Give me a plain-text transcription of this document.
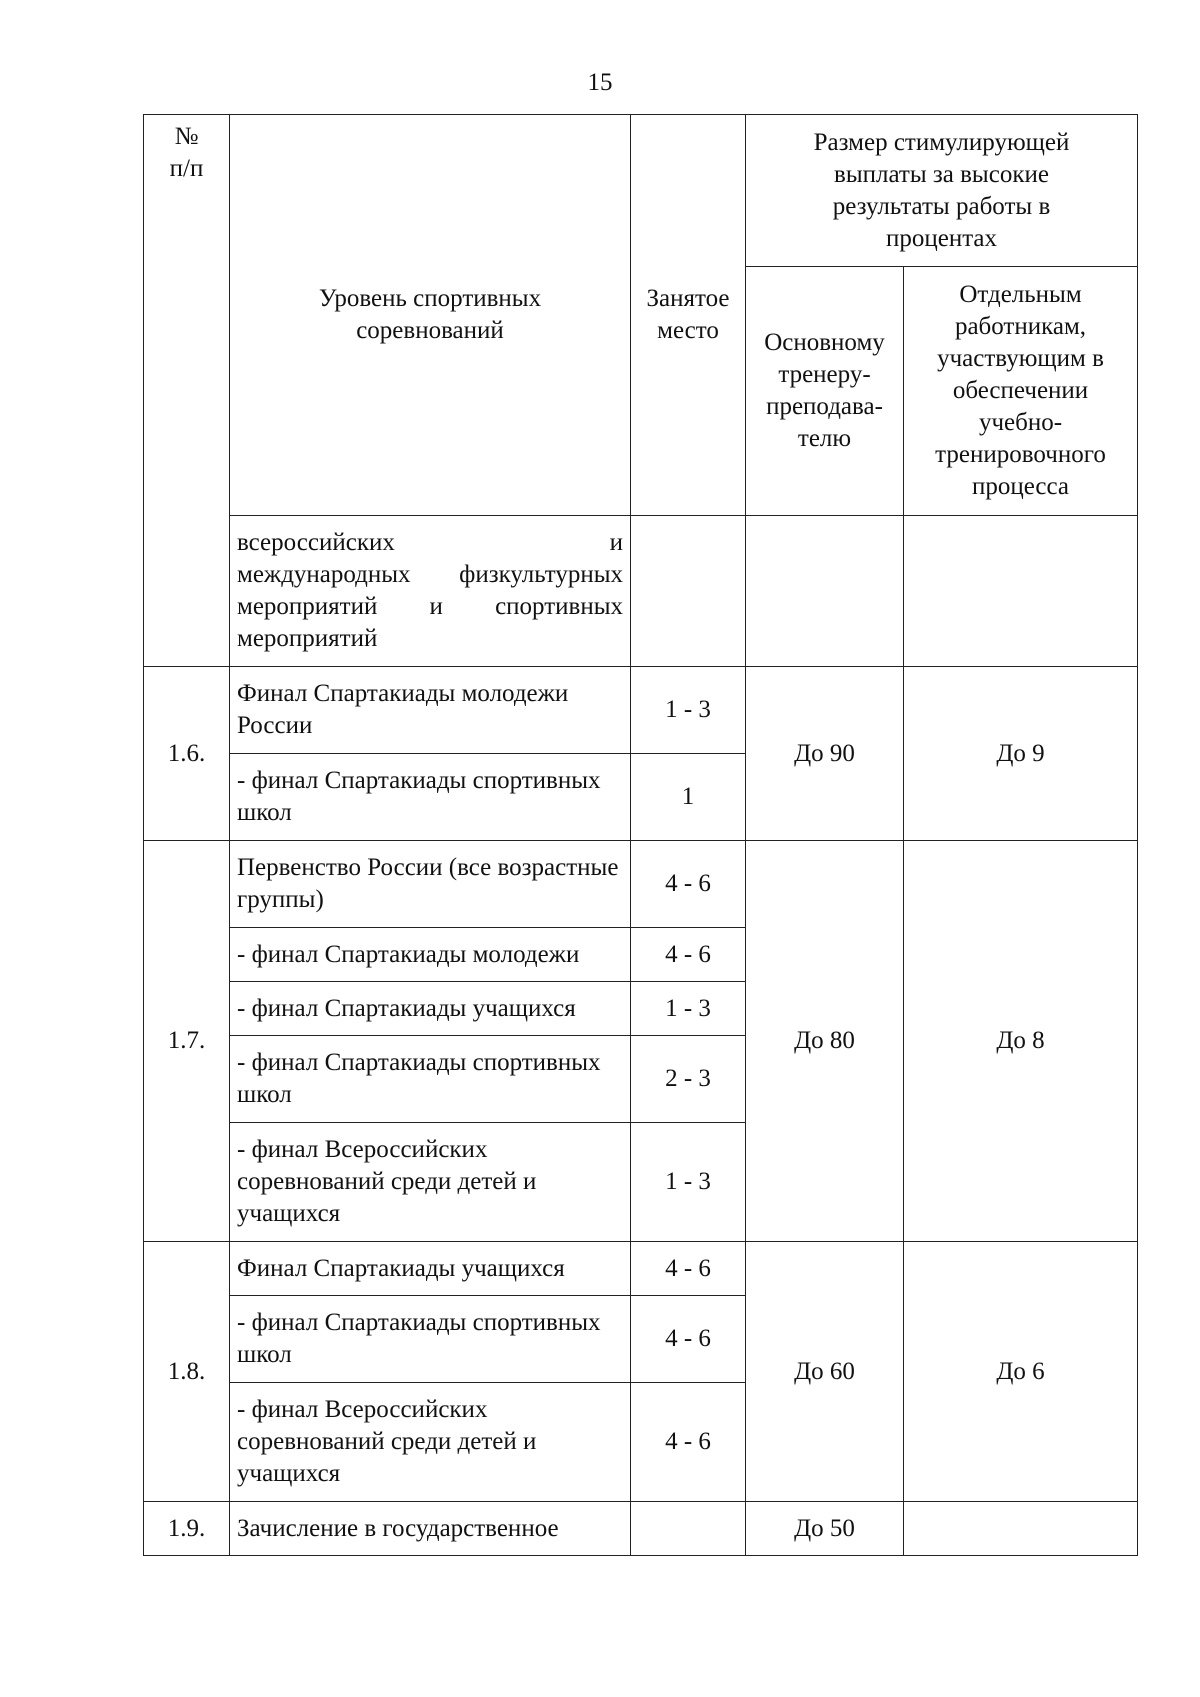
15
№
п/п	Уровень спортивных соревнований	Занятое место	Размер стимулирующей выплаты за высокие результаты работы в процентах	

			Основному тренеру-преподава-телю	Отдельным работникам, участвующим в обеспечении учебно-тренировочного процесса

	всероссийских и
международных физкультурных мероприятий и спортивных мероприятий			

1.6.	Финал Спартакиады молодежи России	1 - 3	До 90	До 9
	- финал Спартакиады спортивных школ	1		
1.7.	Первенство России (все возрастные группы)	4 - 6	До 80	До 8
	- финал Спартакиады молодежи	4 - 6		
	- финал Спартакиады учащихся	1 - 3		
	- финал Спартакиады спортивных школ	2 - 3		
	- финал Всероссийских соревнований среди детей и учащихся	1 - 3		
1.8.	Финал Спартакиады учащихся	4 - 6	До 60	До 6
	- финал Спартакиады спортивных школ	4 - 6		
	- финал Всероссийских соревнований среди детей и учащихся	4 - 6		
1.9.	Зачисление в государственное		До 50	
